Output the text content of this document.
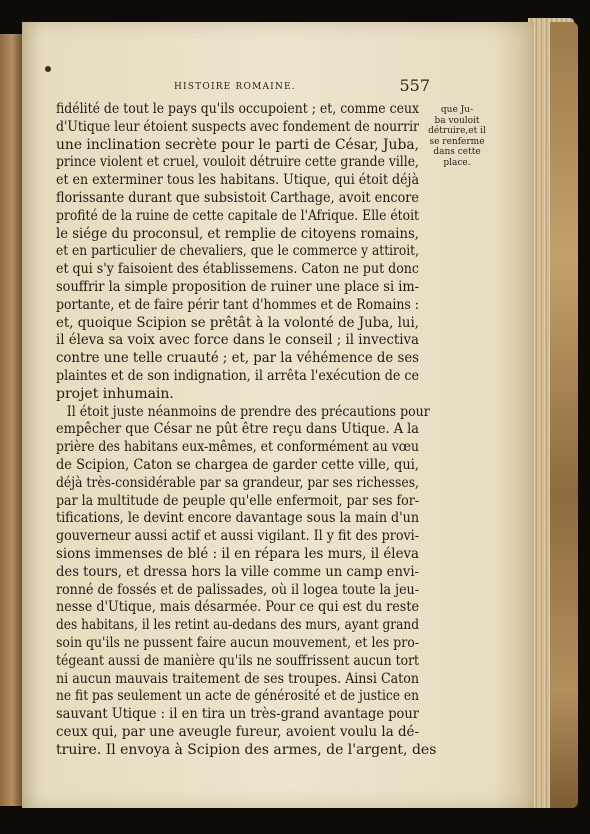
HISTOIRE ROMAINE.	557
fidélité de tout le pays qu'ils occupoient ; et, comme ceux
d'Utique leur étoient suspects avec fondement de nourrir
une inclination secrète pour le parti de César, Juba,
prince violent et cruel, vouloit détruire cette grande ville,
et en exterminer tous les habitans. Utique, qui étoit déjà
florissante durant que subsistoit Carthage, avoit encore
profité de la ruine de cette capitale de l'Afrique. Elle étoit
le siége du proconsul, et remplie de citoyens romains,
et en particulier de chevaliers, que le commerce y attiroit,
et qui s'y faisoient des établissemens. Caton ne put donc
souffrir la simple proposition de ruiner une place si im-
portante, et de faire périr tant d'hommes et de Romains :
et, quoique Scipion se prêtât à la volonté de Juba, lui,
il éleva sa voix avec force dans le conseil ; il invectiva
contre une telle cruauté ; et, par la véhémence de ses
plaintes et de son indignation, il arrêta l'exécution de ce
projet inhumain.
Il étoit juste néanmoins de prendre des précautions pour
empêcher que César ne pût être reçu dans Utique. A la
prière des habitans eux-mêmes, et conformément au vœu
de Scipion, Caton se chargea de garder cette ville, qui,
déjà très-considérable par sa grandeur, par ses richesses,
par la multitude de peuple qu'elle enfermoit, par ses for-
tifications, le devint encore davantage sous la main d'un
gouverneur aussi actif et aussi vigilant. Il y fit des provi-
sions immenses de blé : il en répara les murs, il éleva
des tours, et dressa hors la ville comme un camp envi-
ronné de fossés et de palissades, où il logea toute la jeu-
nesse d'Utique, mais désarmée. Pour ce qui est du reste
des habitans, il les retint au-dedans des murs, ayant grand
soin qu'ils ne pussent faire aucun mouvement, et les pro-
tégeant aussi de manière qu'ils ne souffrissent aucun tort
ni aucun mauvais traitement de ses troupes. Ainsi Caton
ne fit pas seulement un acte de générosité et de justice en
sauvant Utique : il en tira un très-grand avantage pour
ceux qui, par une aveugle fureur, avoient voulu la dé-
truire. Il envoya à Scipion des armes, de l'argent, des
que Ju-
ba vouloit
détruire,et il
se renferme
dans cette
place.
